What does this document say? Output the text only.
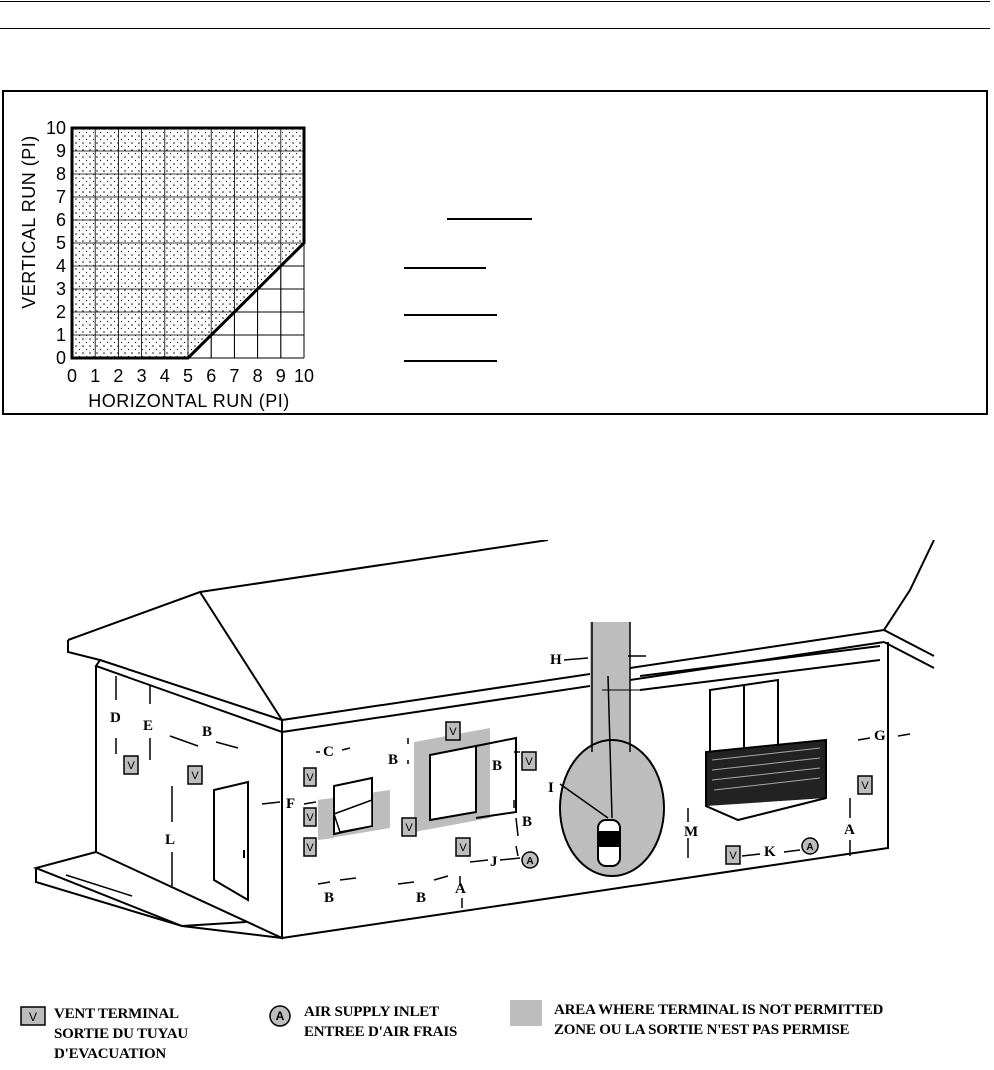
0 1 2 3 4 5 6 7 8 9 10
0
1
2
3
4
5
6
7
8
9
10
HORIZONTAL RUN (PI)
VERTICAL RUN (PI)
V
V	V
V
V
V
V
V
V
V
V
A
A
D E	B
L
C
F
B	B
B
B	B
A
J
H
I
M
K
G
A
V VENT TERMINAL
SORTIE DU TUYAU
D'EVACUATION
A AIR SUPPLY INLET
ENTREE D'AIR FRAIS
AREA WHERE TERMINAL IS NOT PERMITTED
ZONE OU LA SORTIE N'EST PAS PERMISE
